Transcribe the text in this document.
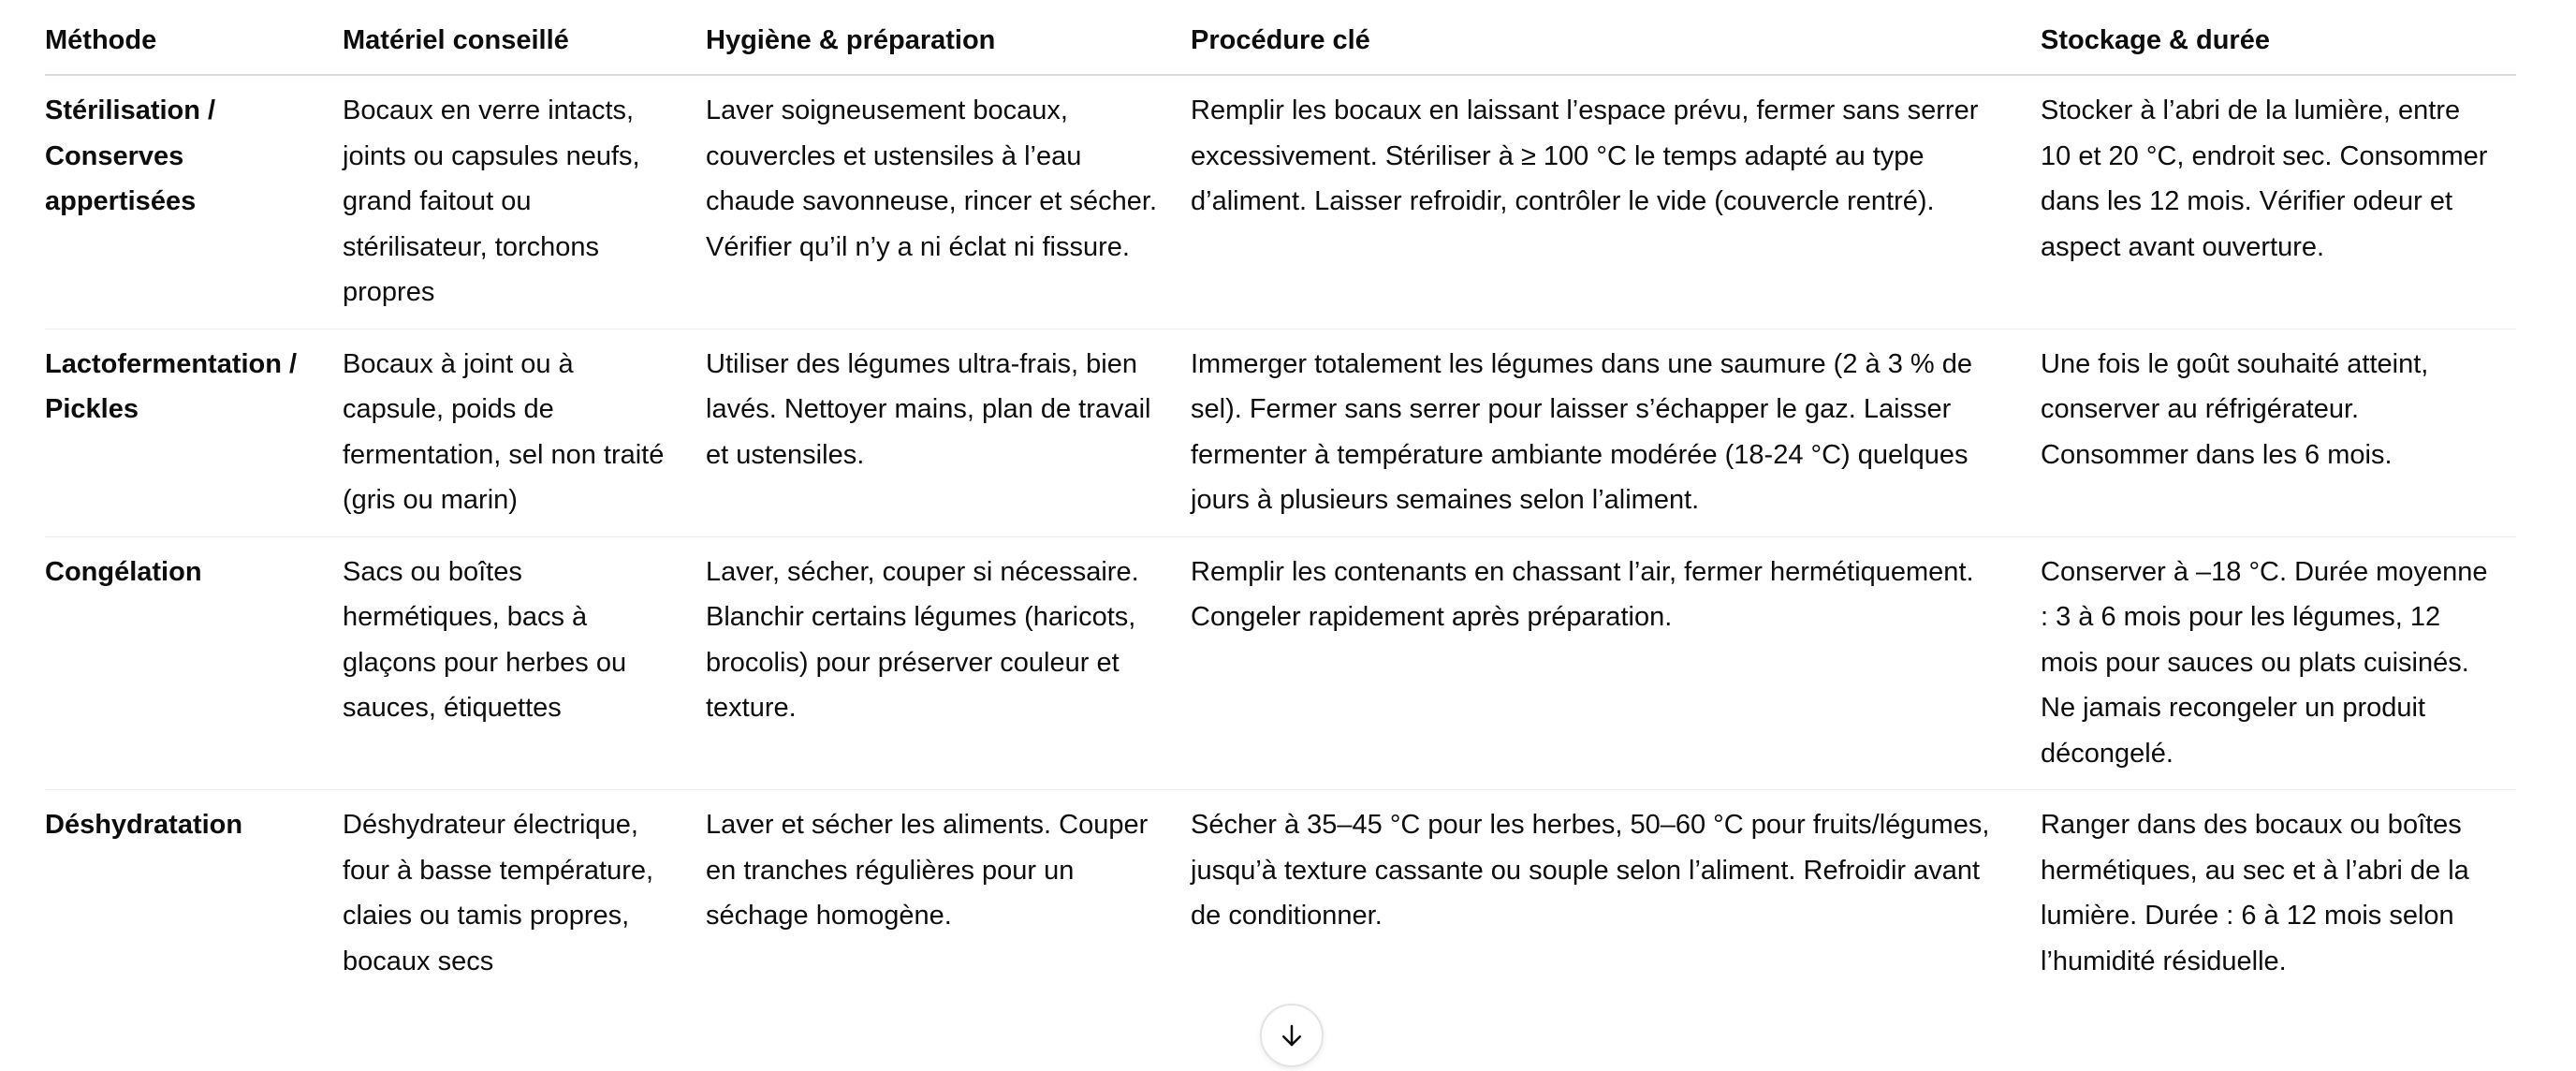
Méthode	Matériel conseillé	Hygiène & préparation	Procédure clé	Stockage & durée
Stérilisation / Conserves appertisées	Bocaux en verre intacts, joints ou capsules neufs, grand faitout ou stérilisateur, torchons propres	Laver soigneusement bocaux, couvercles et ustensiles à l’eau chaude savonneuse, rincer et sécher. Vérifier qu’il n’y a ni éclat ni fissure.	Remplir les bocaux en laissant l’espace prévu, fermer sans serrer excessivement. Stériliser à ≥ 100 °C le temps adapté au type d’aliment. Laisser refroidir, contrôler le vide (couvercle rentré).	Stocker à l’abri de la lumière, entre 10 et 20 °C, endroit sec. Consommer dans les 12 mois. Vérifier odeur et aspect avant ouverture.
Lactofermentation / Pickles	Bocaux à joint ou à capsule, poids de fermentation, sel non traité (gris ou marin)	Utiliser des légumes ultra-frais, bien lavés. Nettoyer mains, plan de travail et ustensiles.	Immerger totalement les légumes dans une saumure (2 à 3 % de sel). Fermer sans serrer pour laisser s’échapper le gaz. Laisser fermenter à température ambiante modérée (18-24 °C) quelques jours à plusieurs semaines selon l’aliment.	Une fois le goût souhaité atteint, conserver au réfrigérateur. Consommer dans les 6 mois.
Congélation	Sacs ou boîtes hermétiques, bacs à glaçons pour herbes ou sauces, étiquettes	Laver, sécher, couper si nécessaire. Blanchir certains légumes (haricots, brocolis) pour préserver couleur et texture.	Remplir les contenants en chassant l’air, fermer hermétiquement. Congeler rapidement après préparation.	Conserver à –18 °C. Durée moyenne : 3 à 6 mois pour les légumes, 12 mois pour sauces ou plats cuisinés. Ne jamais recongeler un produit décongelé.
Déshydratation	Déshydrateur électrique, four à basse température, claies ou tamis propres, bocaux secs	Laver et sécher les aliments. Couper en tranches régulières pour un séchage homogène.	Sécher à 35–45 °C pour les herbes, 50–60 °C pour fruits/légumes, jusqu’à texture cassante ou souple selon l’aliment. Refroidir avant de conditionner.	Ranger dans des bocaux ou boîtes hermétiques, au sec et à l’abri de la lumière. Durée : 6 à 12 mois selon l’humidité résiduelle.
